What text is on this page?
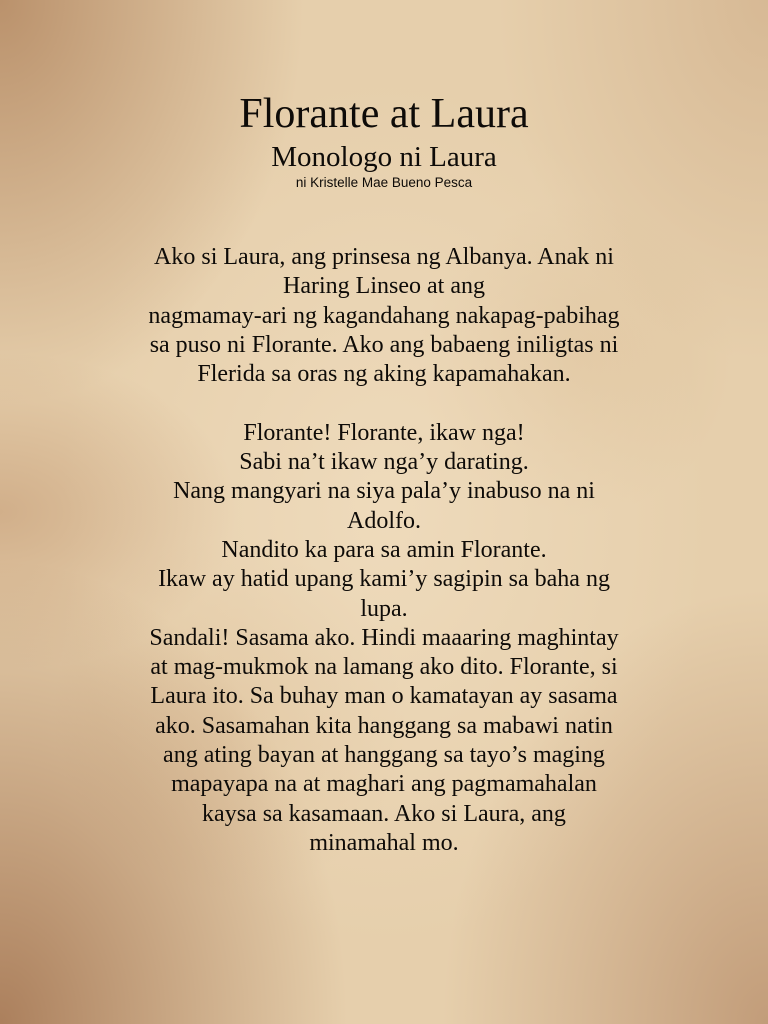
Florante at Laura
Monologo ni Laura

ni Kristelle Mae Bueno Pesca

Ako si Laura, ang prinsesa ng Albanya. Anak ni
Haring Linseo at ang
nagmamay-ari ng kagandahang nakapag-pabihag
sa puso ni Florante. Ako ang babaeng iniligtas ni
Flerida sa oras ng aking kapamahakan.
Florante! Florante, ikaw nga!
Sabi na’t ikaw nga’y darating.
Nang mangyari na siya pala’y inabuso na ni
Adolfo.
Nandito ka para sa amin Florante.
Ikaw ay hatid upang kami’y sagipin sa baha ng
lupa.
Sandali! Sasama ako. Hindi maaaring maghintay
at mag-mukmok na lamang ako dito. Florante, si
Laura ito. Sa buhay man o kamatayan ay sasama
ako. Sasamahan kita hanggang sa mabawi natin
ang ating bayan at hanggang sa tayo’s maging
mapayapa na at maghari ang pagmamahalan
kaysa sa kasamaan. Ako si Laura, ang
minamahal mo.
